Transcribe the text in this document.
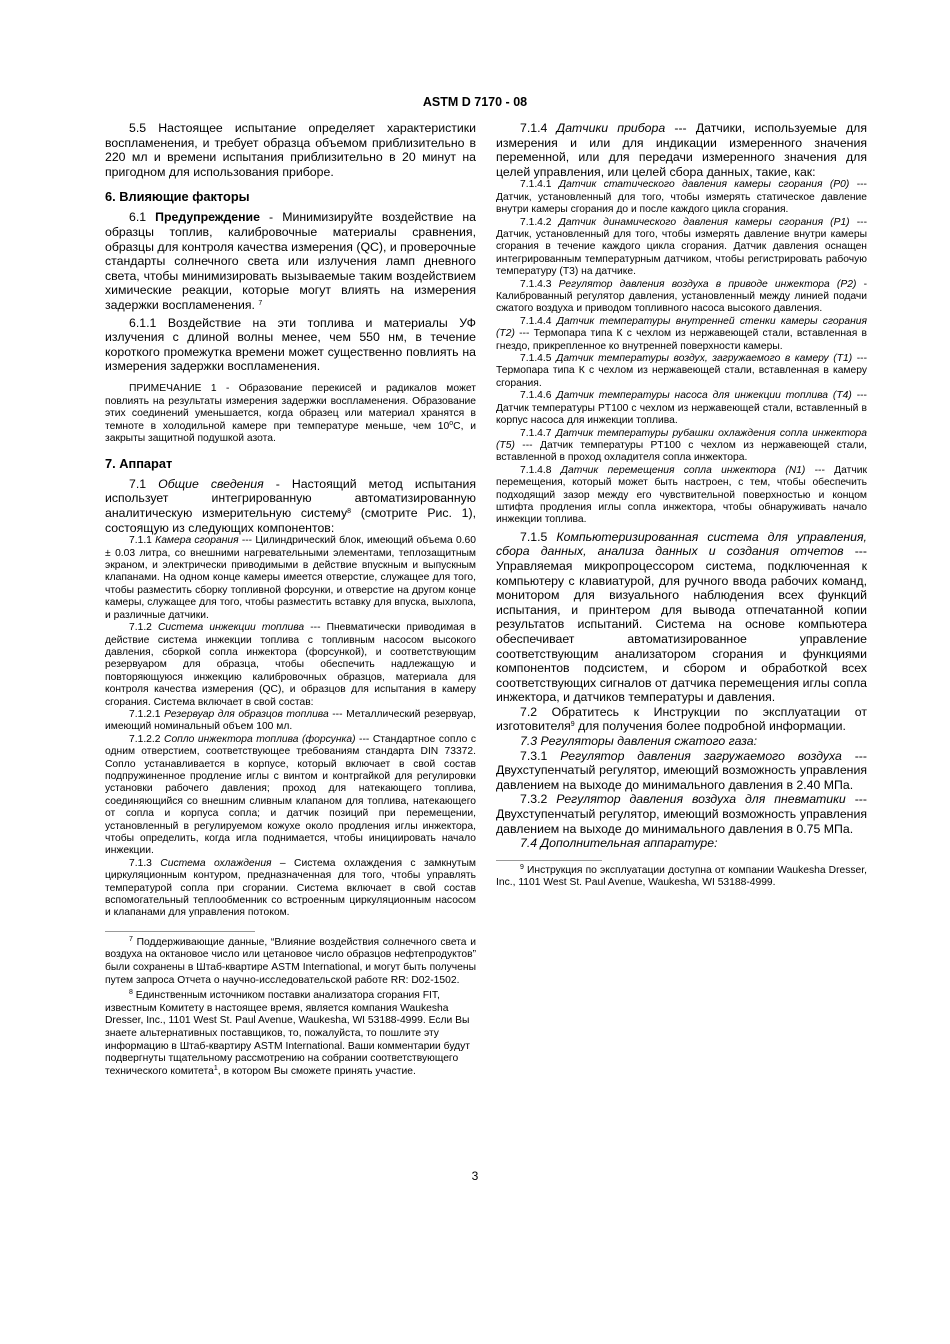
ASTM D 7170 - 08

5.5 Настоящее испытание определяет характеристики воспламенения, и требует образца объемом приблизительно в 220 мл и времени испытания приблизительно в 20 минут на пригодном для использования приборе.

6. Влияющие факторы

6.1 Предупреждение - Минимизируйте воздействие на образцы топлив, калибровочные материалы сравнения, образцы для контроля качества измерения (QC), и проверочные стандарты солнечного света или излучения ламп дневного света, чтобы минимизировать вызываемые таким воздействием химические реакции, которые могут влиять на измерения задержки воспламенения. $^7$

6.1.1 Воздействие на эти топлива и материалы УФ излучения с длиной волны менее, чем 550 нм, в течение короткого промежутка времени может существенно повлиять на измерения задержки воспламенения.

ПРИМЕЧАНИЕ 1 - Образование перекисей и радикалов может повлиять на результаты измерения задержки воспламенения. Образование этих соединений уменьшается, когда образец или материал хранятся в темноте в холодильной камере при температуре меньше, чем 10$^o$С, и закрыты защитной подушкой азота.

7. Аппарат

7.1 Общие сведения - Настоящий метод испытания использует интегрированную автоматизированную аналитическую измерительную систему$^8$ (смотрите Рис. 1), состоящую из следующих компонентов:

7.1.1 Камера сгорания --- Цилиндрический блок, имеющий объема 0.60 ± 0.03 литра, со внешними нагревательными элементами, теплозащитным экраном, и электрически приводимыми в действие впускным и выпускным клапанами. На одном конце камеры имеется отверстие, служащее для того, чтобы разместить сборку топливной форсунки, и отверстие на другом конце камеры, служащее для того, чтобы разместить вставку для впуска, выхлопа, и различные датчики.

7.1.2 Система инжекции топлива --- Пневматически приводимая в действие система инжекции топлива с топливным насосом высокого давления, сборкой сопла инжектора (форсункой), и соответствующим резервуаром для образца, чтобы обеспечить надлежащую и повторяющуюся инжекцию калибровочных образцов, материала для контроля качества измерения (QC), и образцов для испытания в камеру сгорания. Система включает в свой состав:

7.1.2.1 Резервуар для образцов топлива --- Металлический резервуар, имеющий номинальный объем 100 мл.

7.1.2.2 Сопло инжектора топлива (форсунка) --- Стандартное сопло с одним отверстием, соответствующее требованиям стандарта DIN 73372. Сопло устанавливается в корпусе, который включает в свой состав подпружиненное продление иглы с винтом и контргайкой для регулировки установки рабочего давления; проход для натекающего топлива, соединяющийся со внешним сливным клапаном для топлива, натекающего от сопла и корпуса сопла; и датчик позиций при перемещении, установленный в регулируемом кожухе около продления иглы инжектора, чтобы определить, когда игла поднимается, чтобы инициировать начало инжекции.

7.1.3 Система охлаждения – Система охлаждения с замкнутым циркуляционным контуром, предназначенная для того, чтобы управлять температурой сопла при сгорании. Система включает в свой состав вспомогательный теплообменник со встроенным циркуляционным насосом и клапанами для управления потоком.

$^7$ Поддерживающие данные, “Влияние воздействия солнечного света и воздуха на октановое число или цетановое число образцов нефтепродуктов” были сохранены в Штаб-квартире ASTM International, и могут быть получены путем запроса Отчета о научно-исследовательской работе RR: D02-1502.

$^8$ Единственным источником поставки анализатора сгорания FIT, известным Комитету в настоящее время, является компания Waukesha Dresser, Inc., 1101 West St. Paul Avenue, Waukesha, WI 53188-4999. Если Вы знаете альтернативных поставщиков, то, пожалуйста, то пошлите эту информацию в Штаб-квартиру ASTM International. Ваши комментарии будут подвергнуты тщательному рассмотрению на собрании соответствующего технического комитета$^1$, в котором Вы сможете принять участие.

7.1.4 Датчики прибора --- Датчики, используемые для измерения и или для индикации измеренного значения переменной, или для передачи измеренного значения для целей управления, или целей сбора данных, такие, как:

7.1.4.1 Датчик статического давления камеры сгорания (P0) --- Датчик, установленный для того, чтобы измерять статическое давление внутри камеры сгорания до и после каждого цикла сгорания.

7.1.4.2 Датчик динамического давления камеры сгорания (P1) --- Датчик, установленный для того, чтобы измерять давление внутри камеры сгорания в течение каждого цикла сгорания. Датчик давления оснащен интегрированным температурным датчиком, чтобы регистрировать рабочую температуру (T3) на датчике.

7.1.4.3 Регулятор давления воздуха в приводе инжектора (P2) - Калиброванный регулятор давления, установленный между линией подачи сжатого воздуха и приводом топливного насоса высокого давления.

7.1.4.4 Датчик температуры внутренней стенки камеры сгорания (T2) --- Термопара типа К с чехлом из нержавеющей стали, вставленная в гнездо, прикрепленное ко внутренней поверхности камеры.

7.1.4.5 Датчик температуры воздух, загружаемого в камеру (T1) --- Термопара типа К с чехлом из нержавеющей стали, вставленная в камеру сгорания.

7.1.4.6 Датчик температуры насоса для инжекции топлива (T4) --- Датчик температуры PT100 с чехлом из нержавеющей стали, вставленный в корпус насоса для инжекции топлива.

7.1.4.7 Датчик температуры рубашки охлаждения сопла инжектора (T5) --- Датчик температуры PT100 с чехлом из нержавеющей стали, вставленной в проход охладителя сопла инжектора.

7.1.4.8 Датчик перемещения сопла инжектора (N1) --- Датчик перемещения, который может быть настроен, с тем, чтобы обеспечить подходящий зазор между его чувствительной поверхностью и концом штифта продления иглы сопла инжектора, чтобы обнаруживать начало инжекции топлива.

7.1.5 Компьютеризированная система для управления, сбора данных, анализа данных и создания отчетов --- Управляемая микропроцессором система, подключенная к компьютеру с клавиатурой, для ручного ввода рабочих команд, монитором для визуального наблюдения всех функций испытания, и принтером для вывода отпечатанной копии результатов испытаний. Система на основе компьютера обеспечивает автоматизированное управление соответствующим анализатором сгорания и функциями компонентов подсистем, и сбором и обработкой всех соответствующих сигналов от датчика перемещения иглы сопла инжектора, и датчиков температуры и давления.

7.2 Обратитесь к Инструкции по эксплуатации от изготовителя$^9$ для получения более подробной информации.

7.3 Регуляторы давления сжатого газа:

7.3.1 Регулятор давления загружаемого воздуха --- Двухступенчатый регулятор, имеющий возможность управления давлением на выходе до минимального давления в 2.40 МПа.

7.3.2 Регулятор давления воздуха для пневматики --- Двухступенчатый регулятор, имеющий возможность управления давлением на выходе до минимального давления в 0.75 МПа.

7.4 Дополнительная аппаратуре:

$^9$ Инструкция по эксплуатации доступна от компании Waukesha Dresser, Inc., 1101 West St. Paul Avenue, Waukesha, WI 53188-4999.

3
